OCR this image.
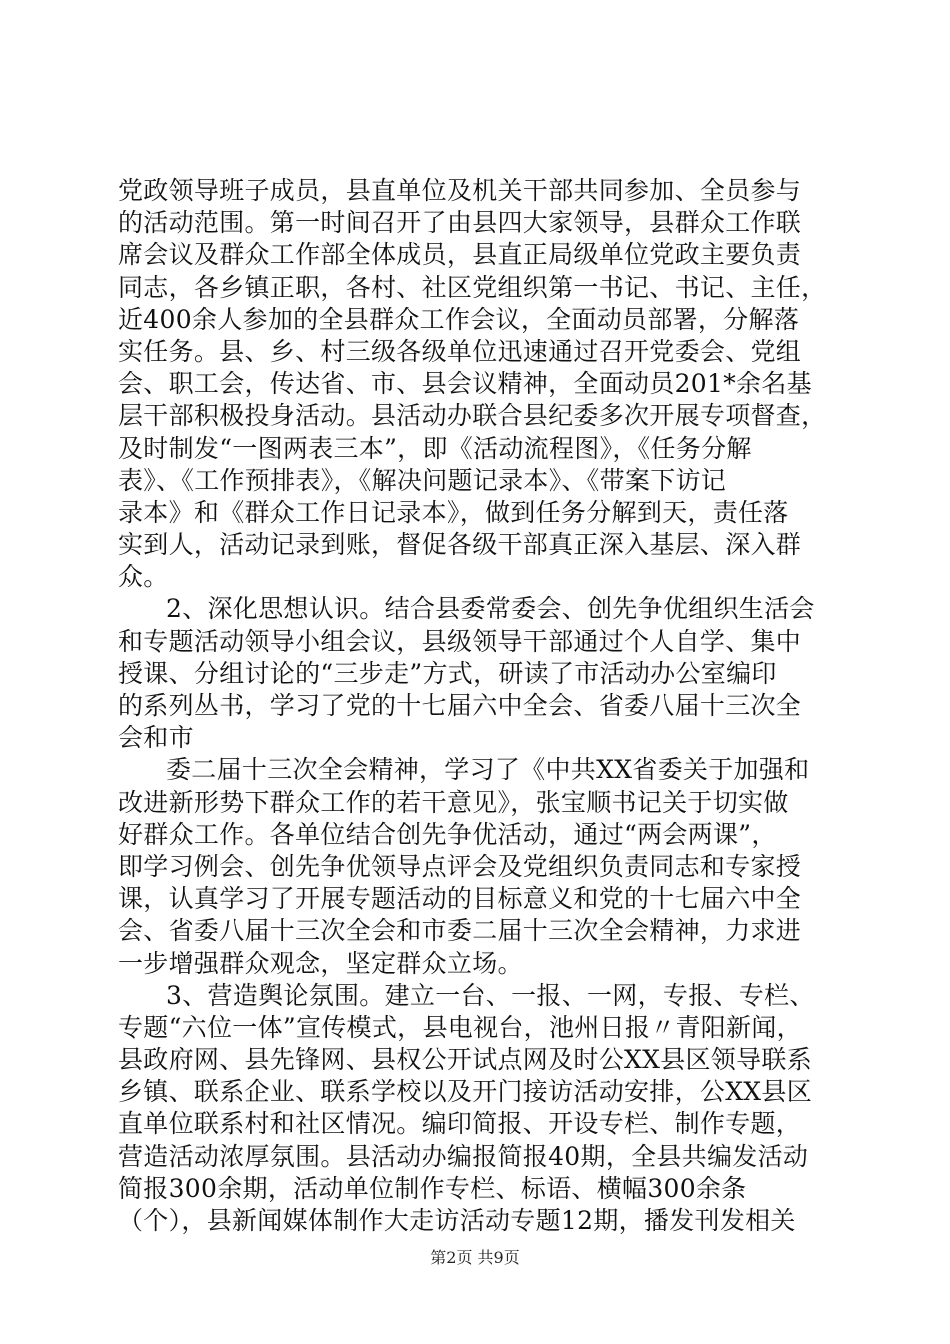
党政领导班子成员，县直单位及机关干部共同参加、全员参与
的活动范围。第一时间召开了由县四大家领导，县群众工作联
席会议及群众工作部全体成员，县直正局级单位党政主要负责
同志，各乡镇正职，各村、社区党组织第一书记、书记、主任，
近400余人参加的全县群众工作会议，全面动员部署，分解落
实任务。县、乡、村三级各级单位迅速通过召开党委会、党组
会、职工会，传达省、市、县会议精神，全面动员201*余名基
层干部积极投身活动。县活动办联合县纪委多次开展专项督查，
及时制发“一图两表三本”，即《活动流程图》，《任务分解
表》、《工作预排表》，《解决问题记录本》、《带案下访记
录本》和《群众工作日记录本》，做到任务分解到天，责任落
实到人，活动记录到账，督促各级干部真正深入基层、深入群
众。
2、深化思想认识。结合县委常委会、创先争优组织生活会
和专题活动领导小组会议，县级领导干部通过个人自学、集中
授课、分组讨论的“三步走”方式，研读了市活动办公室编印
的系列丛书，学习了党的十七届六中全会、省委八届十三次全
会和市
委二届十三次全会精神，学习了《中共XX省委关于加强和
改进新形势下群众工作的若干意见》，张宝顺书记关于切实做
好群众工作。各单位结合创先争优活动，通过“两会两课”，
即学习例会、创先争优领导点评会及党组织负责同志和专家授
课，认真学习了开展专题活动的目标意义和党的十七届六中全
会、省委八届十三次全会和市委二届十三次全会精神，力求进
一步增强群众观念，坚定群众立场。
3、营造舆论氛围。建立一台、一报、一网，专报、专栏、
专题“六位一体”宣传模式，县电视台，池州日报〃青阳新闻，
县政府网、县先锋网、县权公开试点网及时公XX县区领导联系
乡镇、联系企业、联系学校以及开门接访活动安排，公XX县区
直单位联系村和社区情况。编印简报、开设专栏、制作专题，
营造活动浓厚氛围。县活动办编报简报40期，全县共编发活动
简报300余期，活动单位制作专栏、标语、横幅300余条
（个），县新闻媒体制作大走访活动专题12期，播发刊发相关
第2页 共9页
